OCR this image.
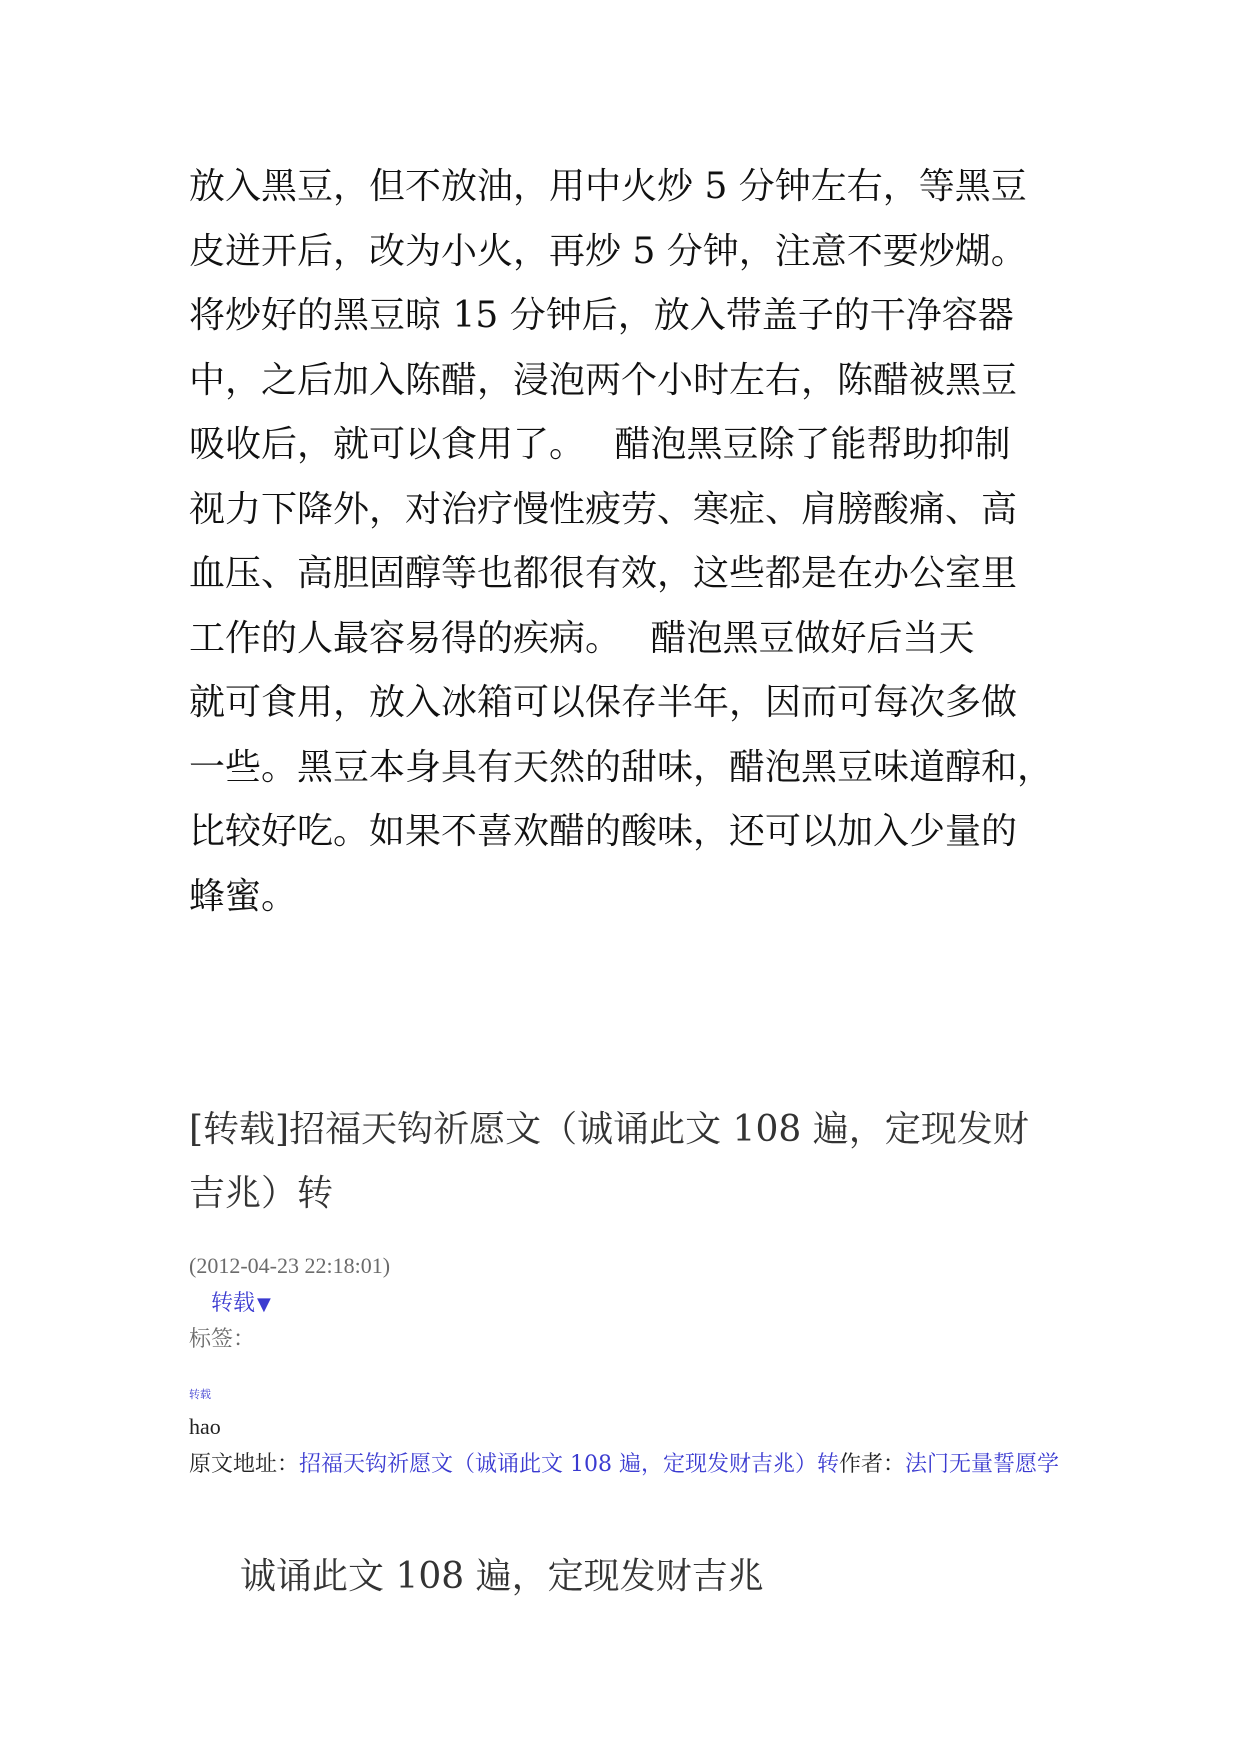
放入黑豆，但不放油，用中火炒 5 分钟左右，等黑豆
皮迸开后，改为小火，再炒 5 分钟，注意不要炒煳。
将炒好的黑豆晾 15 分钟后，放入带盖子的干净容器
中，之后加入陈醋，浸泡两个小时左右，陈醋被黑豆
吸收后，就可以食用了。　 醋泡黑豆除了能帮助抑制
视力下降外，对治疗慢性疲劳、寒症、肩膀酸痛、高
血压、高胆固醇等也都很有效，这些都是在办公室里
工作的人最容易得的疾病。　 醋泡黑豆做好后当天
就可食用，放入冰箱可以保存半年，因而可每次多做
一些。黑豆本身具有天然的甜味，醋泡黑豆味道醇和，
比较好吃。如果不喜欢醋的酸味，还可以加入少量的
蜂蜜。
[转载]招福天钩祈愿文（诚诵此文 108 遍，定现发财
吉兆）转
(2012-04-23 22:18:01)
转载 ▼
标签：
转载
hao
原文地址：招福天钩祈愿文（诚诵此文 108 遍，定现发财吉兆）转作者：法门无量誓愿学
诚诵此文 108 遍，定现发财吉兆
